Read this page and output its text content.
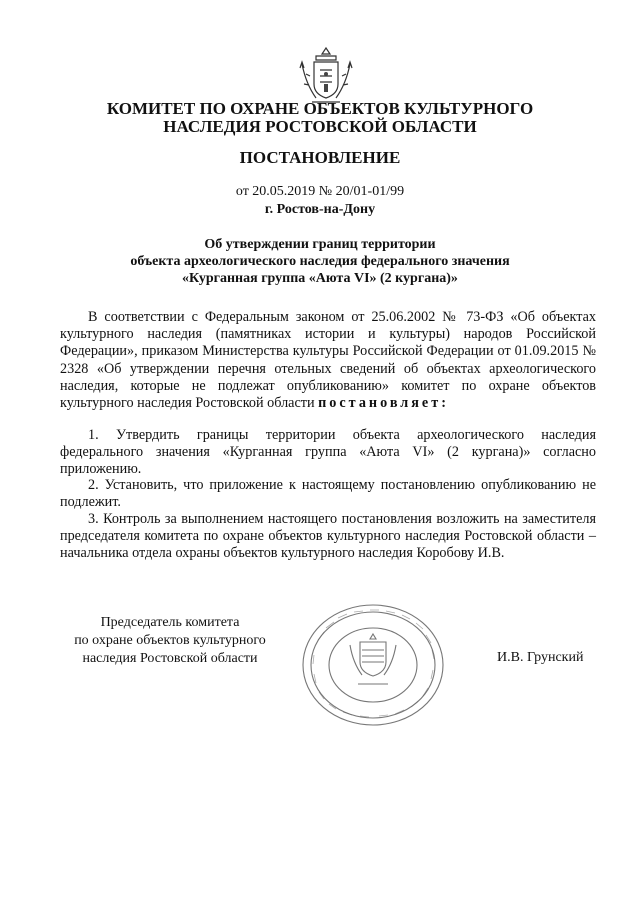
КОМИТЕТ ПО ОХРАНЕ ОБЪЕКТОВ КУЛЬТУРНОГО
НАСЛЕДИЯ РОСТОВСКОЙ ОБЛАСТИ
ПОСТАНОВЛЕНИЕ
от 20.05.2019 № 20/01-01/99
г. Ростов-на-Дону
Об утверждении границ территории
объекта археологического наследия федерального значения
«Курганная группа «Аюта VI» (2 кургана)»
В соответствии с Федеральным законом от 25.06.2002 № 73-ФЗ «Об объектах культурного наследия (памятниках истории и культуры) народов Российской Федерации», приказом Министерства культуры Российской Федерации от 01.09.2015 № 2328 «Об утверждении перечня отельных сведений об объектах археологического наследия, которые не подлежат опубликованию» комитет по охране объектов культурного наследия Ростовской области постановляет:
1. Утвердить границы территории объекта археологического наследия федерального значения «Курганная группа «Аюта VI» (2 кургана)» согласно приложению.
2. Установить, что приложение к настоящему постановлению опубликованию не подлежит.
3. Контроль за выполнением настоящего постановления возложить на заместителя председателя комитета по охране объектов культурного наследия Ростовской области – начальника отдела охраны объектов культурного наследия Коробову И.В.
Председатель комитета
по охране объектов культурного
наследия Ростовской области	И.В. Грунский
